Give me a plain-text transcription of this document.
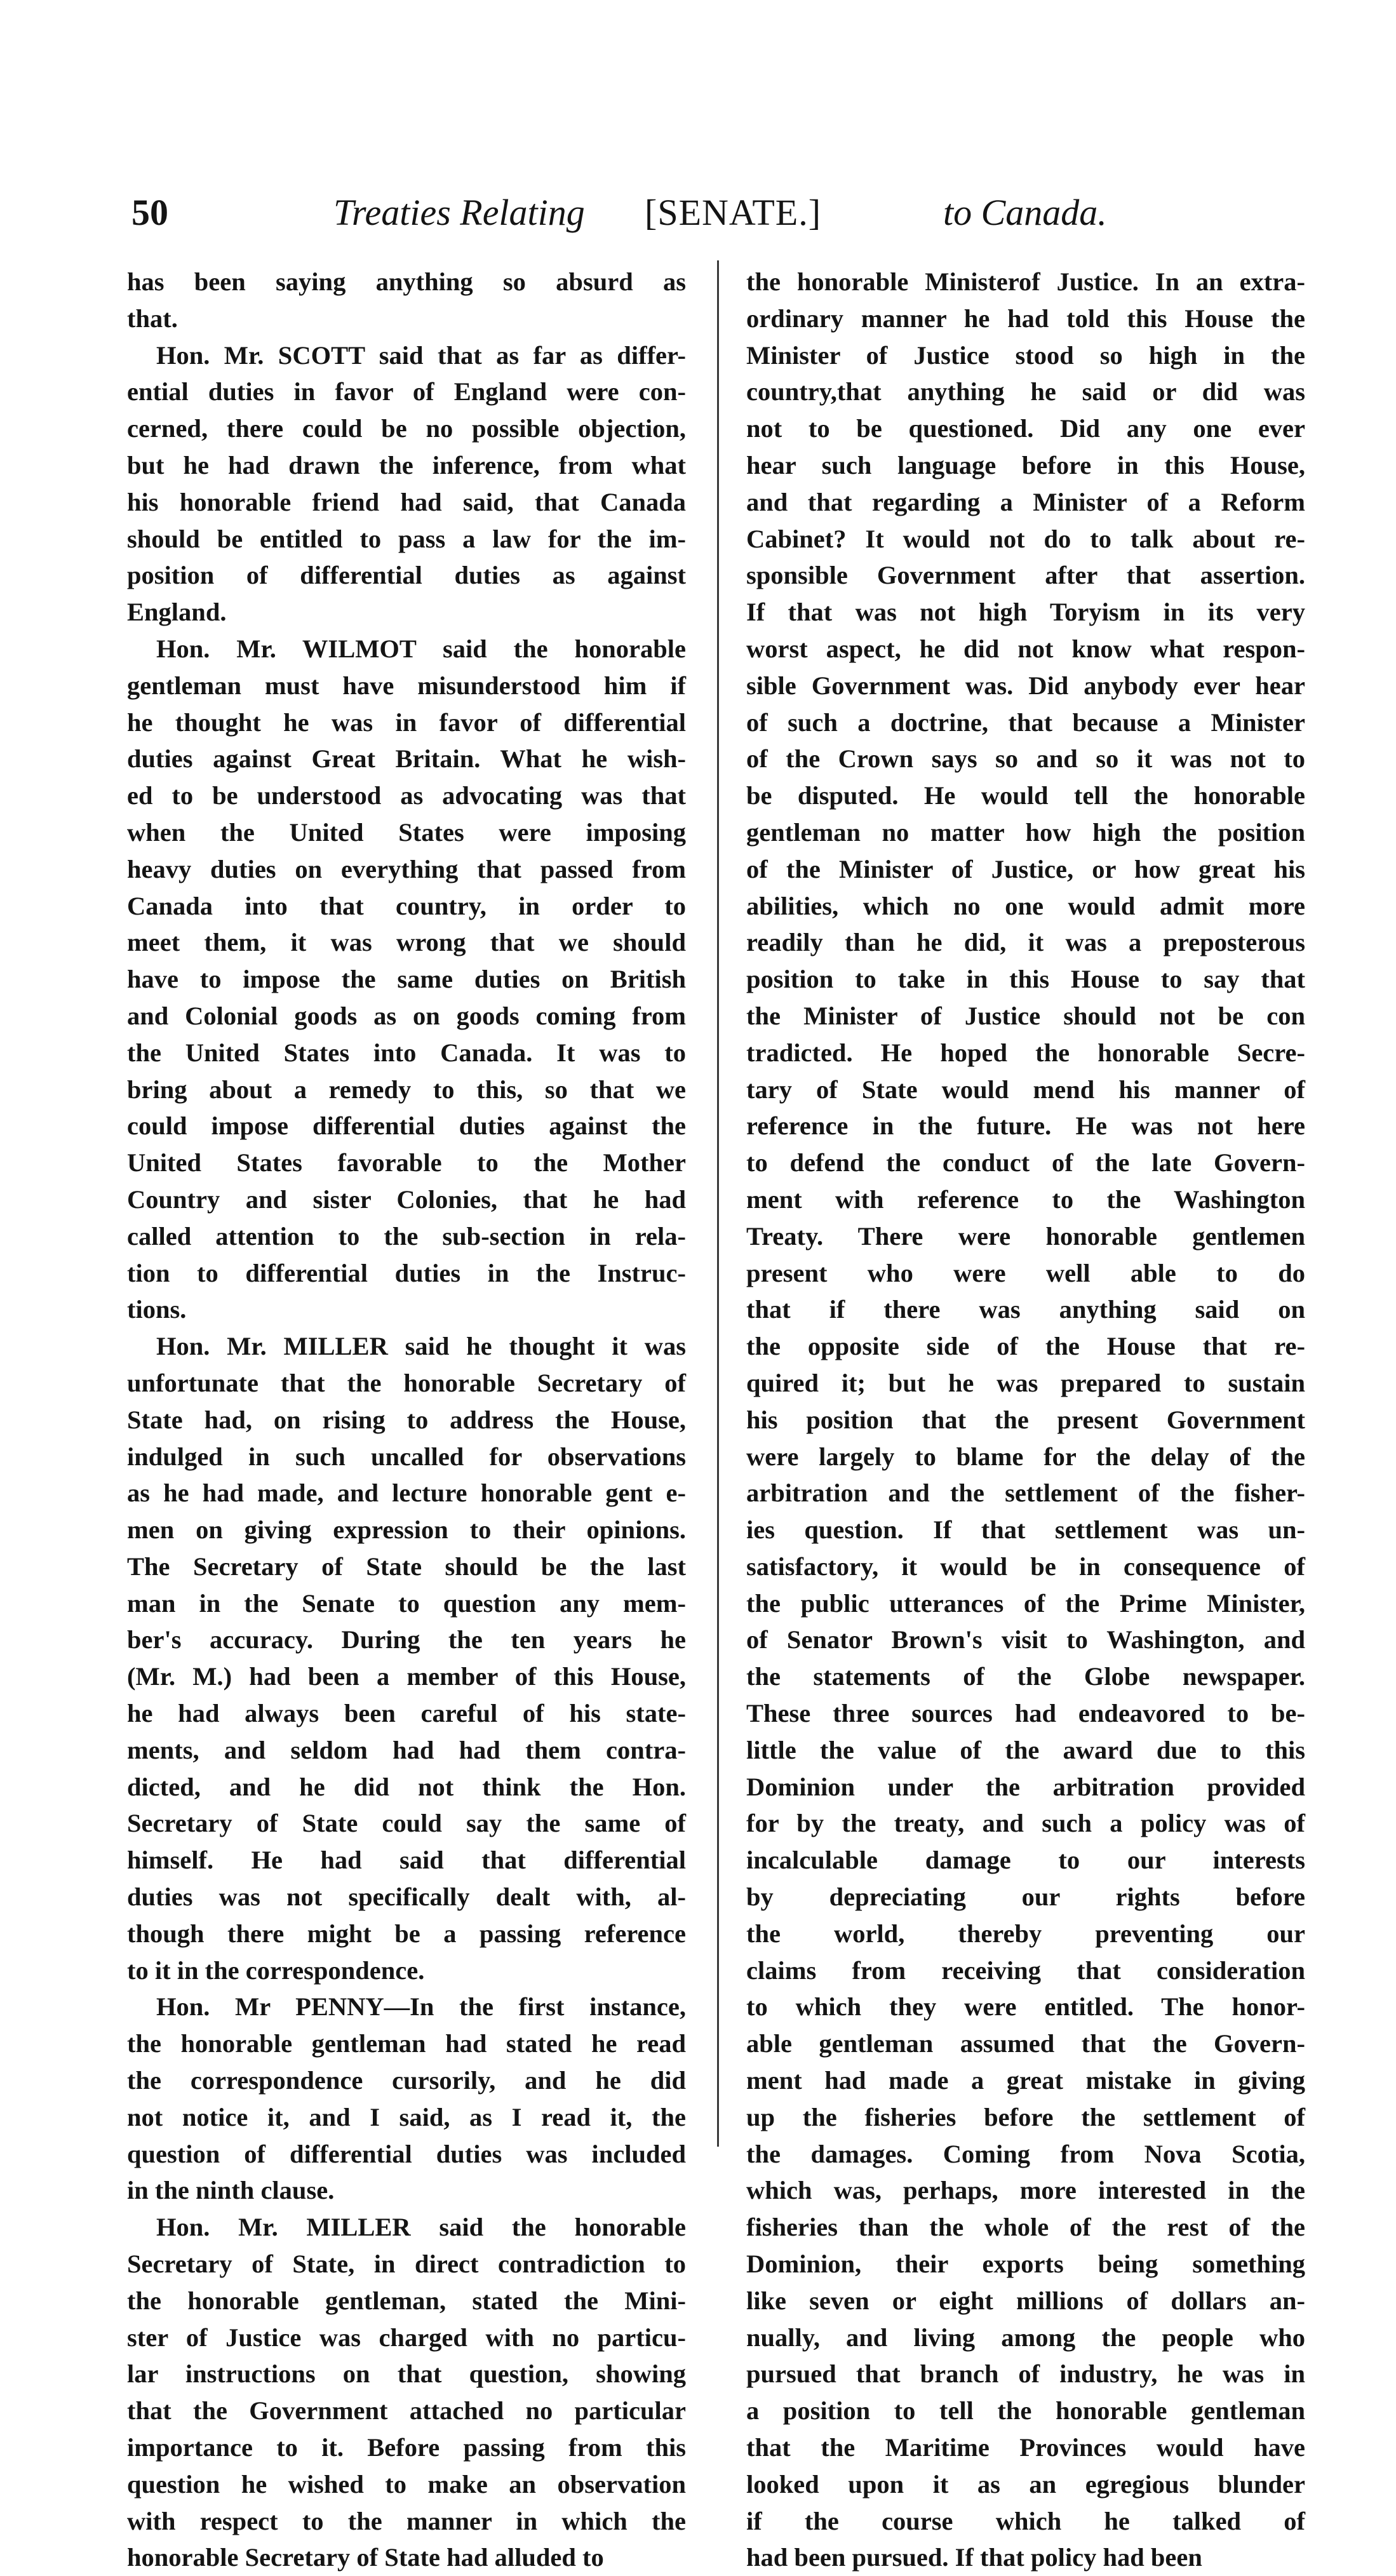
50	Treaties Relating [SENATE.]	to Canada.
has been saying anything so absurd as
that.
Hon. Mr. SCOTT said that as far as differ-
ential duties in favor of England were con-
cerned, there could be no possible objection,
but he had drawn the inference, from what
his honorable friend had said, that Canada
should be entitled to pass a law for the im-
position of differential duties as against
England.
Hon. Mr. WILMOT said the honorable
gentleman must have misunderstood him if
he thought he was in favor of differential
duties against Great Britain. What he wish-
ed to be understood as advocating was that
when the United States were imposing
heavy duties on everything that passed from
Canada into that country, in order to
meet them, it was wrong that we should
have to impose the same duties on British
and Colonial goods as on goods coming from
the United States into Canada. It was to
bring about a remedy to this, so that we
could impose differential duties against the
United States favorable to the Mother
Country and sister Colonies, that he had
called attention to the sub-section in rela-
tion to differential duties in the Instruc-
tions.
Hon. Mr. MILLER said he thought it was
unfortunate that the honorable Secretary of
State had, on rising to address the House,
indulged in such uncalled for observations
as he had made, and lecture honorable gent e-
men on giving expression to their opinions.
The Secretary of State should be the last
man in the Senate to question any mem-
ber's accuracy. During the ten years he
(Mr. M.) had been a member of this House,
he had always been careful of his state-
ments, and seldom had had them contra-
dicted, and he did not think the Hon.
Secretary of State could say the same of
himself. He had said that differential
duties was not specifically dealt with, al-
though there might be a passing reference
to it in the correspondence.
Hon. Mr PENNY—In the first instance,
the honorable gentleman had stated he read
the correspondence cursorily, and he did
not notice it, and I said, as I read it, the
question of differential duties was included
in the ninth clause.
Hon. Mr. MILLER said the honorable
Secretary of State, in direct contradiction to
the honorable gentleman, stated the Mini-
ster of Justice was charged with no particu-
lar instructions on that question, showing
that the Government attached no particular
importance to it. Before passing from this
question he wished to make an observation
with respect to the manner in which the
honorable Secretary of State had alluded to
the honorable Ministerof Justice. In an extra-
ordinary manner he had told this House the
Minister of Justice stood so high in the
country,that anything he said or did was
not to be questioned. Did any one ever
hear such language before in this House,
and that regarding a Minister of a Reform
Cabinet? It would not do to talk about re-
sponsible Government after that assertion.
If that was not high Toryism in its very
worst aspect, he did not know what respon-
sible Government was. Did anybody ever hear
of such a doctrine, that because a Minister
of the Crown says so and so it was not to
be disputed. He would tell the honorable
gentleman no matter how high the position
of the Minister of Justice, or how great his
abilities, which no one would admit more
readily than he did, it was a preposterous
position to take in this House to say that
the Minister of Justice should not be con
tradicted. He hoped the honorable Secre-
tary of State would mend his manner of
reference in the future. He was not here
to defend the conduct of the late Govern-
ment with reference to the Washington
Treaty. There were honorable gentlemen
present who were well able to do
that if there was anything said on
the opposite side of the House that re-
quired it; but he was prepared to sustain
his position that the present Government
were largely to blame for the delay of the
arbitration and the settlement of the fisher-
ies question. If that settlement was un-
satisfactory, it would be in consequence of
the public utterances of the Prime Minister,
of Senator Brown's visit to Washington, and
the statements of the Globe newspaper.
These three sources had endeavored to be-
little the value of the award due to this
Dominion under the arbitration provided
for by the treaty, and such a policy was of
incalculable damage to our interests
by depreciating our rights before
the world, thereby preventing our
claims from receiving that consideration
to which they were entitled. The honor-
able gentleman assumed that the Govern-
ment had made a great mistake in giving
up the fisheries before the settlement of
the damages. Coming from Nova Scotia,
which was, perhaps, more interested in the
fisheries than the whole of the rest of the
Dominion, their exports being something
like seven or eight millions of dollars an-
nually, and living among the people who
pursued that branch of industry, he was in
a position to tell the honorable gentleman
that the Maritime Provinces would have
looked upon it as an egregious blunder
if the course which he talked of
had been pursued. If that policy had been
